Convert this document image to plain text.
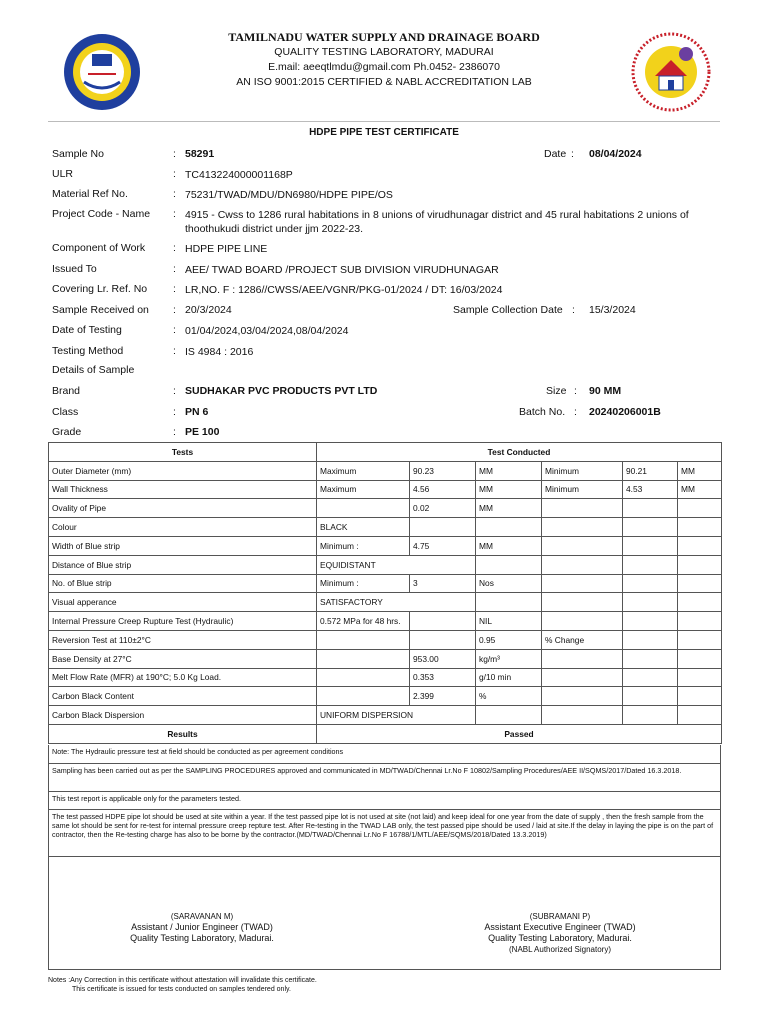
TAMILNADU WATER SUPPLY AND DRAINAGE BOARD
QUALITY TESTING LABORATORY, MADURAI
E.mail: aeeqtlmdu@gmail.com Ph.0452- 2386070
AN ISO 9001:2015 CERTIFIED & NABL ACCREDITATION LAB
HDPE PIPE TEST CERTIFICATE
Sample No	: 58291	Date : 08/04/2024
ULR	: TC413224000001168P
Material Ref No.	: 75231/TWAD/MDU/DN6980/HDPE PIPE/OS
Project Code - Name : 4915 - Cwss to 1286 rural habitations in 8 unions of virudhunagar district and 45 rural habitations 2 unions of thoothukudi district under jjm 2022-23.
Component of Work	: HDPE PIPE LINE
Issued To	: AEE/ TWAD BOARD /PROJECT SUB DIVISION VIRUDHUNAGAR
Covering Lr. Ref. No : LR,NO. F : 1286//CWSS/AEE/VGNR/PKG-01/2024 / DT: 16/03/2024
Sample Received on : 20/3/2024	Sample Collection Date : 15/3/2024
Date of Testing	: 01/04/2024,03/04/2024,08/04/2024
Testing Method	: IS 4984 : 2016
Details of Sample
Brand	: SUDHAKAR PVC PRODUCTS PVT LTD	Size : 90 MM
Class	: PN 6	Batch No. : 20240206001B
Grade	: PE 100
Tests	Test Conducted					
Outer Diameter (mm)	Maximum	90.23	MM	Minimum	90.21	MM
Wall Thickness	Maximum	4.56	MM	Minimum	4.53	MM
Ovality of Pipe		0.02	MM			
Colour	BLACK					
Width of Blue strip	Minimum :	4.75	MM			
Distance of Blue strip	EQUIDISTANT					
No. of Blue strip	Minimum :	3	Nos			
Visual apperance	SATISFACTORY					
Internal Pressure Creep Rupture Test (Hydraulic)	0.572 MPa for 48 hrs.		NIL			
Reversion Test at 110±2°C			0.95	% Change		
Base Density at 27°C		953.00	kg/m³			
Melt Flow Rate (MFR) at 190°C; 5.0 Kg Load.		0.353	g/10 min			
Carbon Black Content		2.399	%			
Carbon Black Dispersion	UNIFORM DISPERSION					
Results	Passed					
Note: The Hydraulic pressure test at field should be conducted as per agreement conditions
Sampling has been carried out as per the SAMPLING PROCEDURES approved and communicated in MD/TWAD/Chennai Lr.No F 10802/Sampling Procedures/AEE II/SQMS/2017/Dated 16.3.2018.
This test report is applicable only for the parameters tested.
The test passed HDPE pipe lot should be used at site within a year. If the test passed pipe lot is not used at site (not laid) and keep ideal for one year from the date of supply , then the fresh sample from the same lot should be sent for re-test for internal pressure creep repture test. After Re-testing in the TWAD LAB only, the test passed pipe should be used / laid at site.If the delay in laying the pipe is on the part of contractor, then the Re-testing charge has also to be borne by the contractor.(MD/TWAD/Chennai Lr.No F 16788/1/MTL/AEE/SQMS/2018/Dated 13.3.2019)
(SARAVANAN M)
Assistant / Junior Engineer (TWAD)
Quality Testing Laboratory, Madurai.
(SUBRAMANI P)
Assistant Executive Engineer (TWAD)
Quality Testing Laboratory, Madurai.
(NABL Authorized Signatory)
Notes :Any Correction in this certificate without attestation will invalidate this certificate.
This certificate is issued for tests conducted on samples tendered only.
